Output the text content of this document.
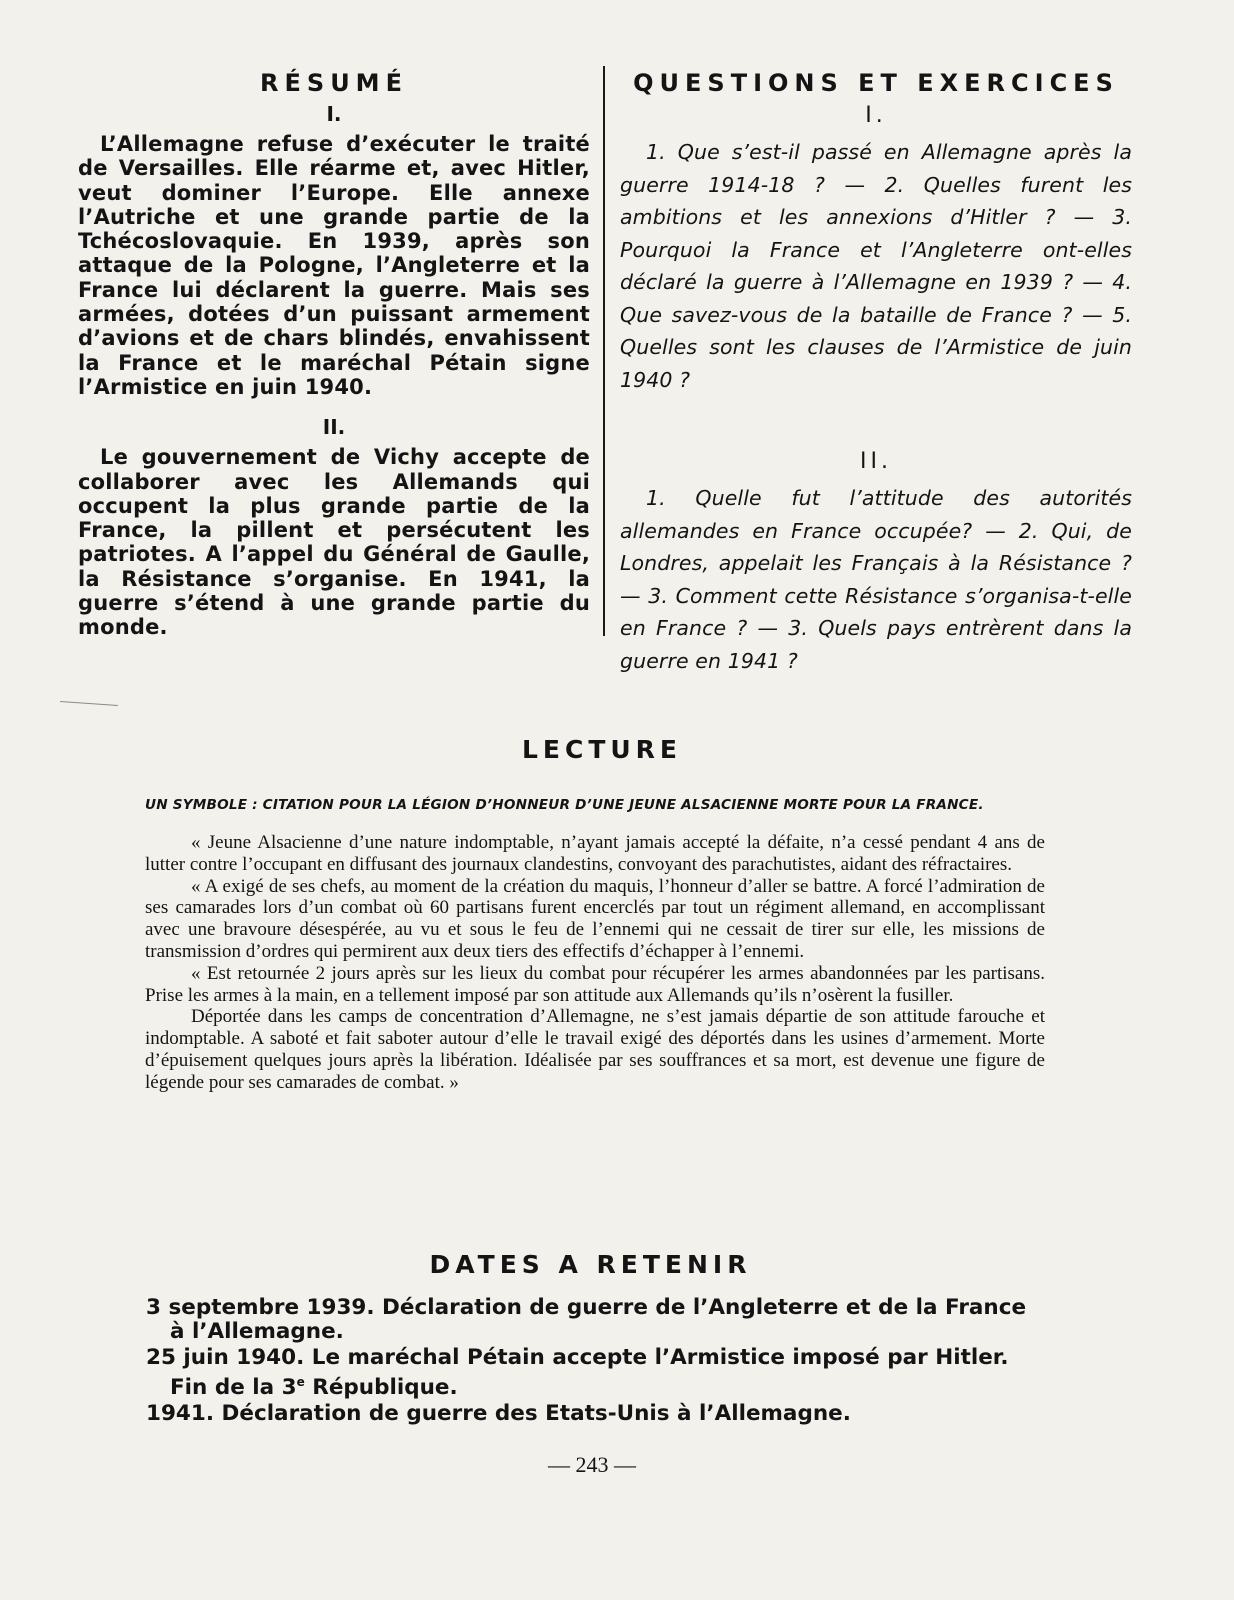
RÉSUMÉ
I.

L’Allemagne refuse d’exécuter le traité de Versailles. Elle réarme et, avec Hitler, veut dominer l’Europe. Elle annexe l’Autriche et une grande partie de la Tchécoslovaquie. En 1939, après son attaque de la Pologne, l’Angleterre et la France lui déclarent la guerre. Mais ses armées, dotées d’un puissant armement d’avions et de chars blindés, envahissent la France et le maréchal Pétain signe l’Armistice en juin 1940.

II.

Le gouvernement de Vichy accepte de collaborer avec les Allemands qui occupent la plus grande partie de la France, la pillent et persécutent les patriotes. A l’appel du Général de Gaulle, la Résistance s’organise. En 1941, la guerre s’étend à une grande partie du monde.

QUESTIONS ET EXERCICES
I.

1. Que s’est-il passé en Allemagne après la guerre 1914-18 ? — 2. Quelles furent les ambitions et les annexions d’Hitler ? — 3. Pourquoi la France et l’Angleterre ont-elles déclaré la guerre à l’Allemagne en 1939 ? — 4. Que savez-vous de la bataille de France ? — 5. Quelles sont les clauses de l’Armistice de juin 1940 ?

II.

1. Quelle fut l’attitude des autorités allemandes en France occupée? — 2. Qui, de Londres, appelait les Français à la Résistance ? — 3. Comment cette Résistance s’organisa-t-elle en France ? — 3. Quels pays entrèrent dans la guerre en 1941 ?

LECTURE
UN SYMBOLE : CITATION POUR LA LÉGION D’HONNEUR D’UNE JEUNE ALSACIENNE MORTE POUR LA FRANCE.

« Jeune Alsacienne d’une nature indomptable, n’ayant jamais accepté la défaite, n’a cessé pendant 4 ans de lutter contre l’occupant en diffusant des journaux clandestins, convoyant des parachutistes, aidant des réfractaires.

« A exigé de ses chefs, au moment de la création du maquis, l’honneur d’aller se battre. A forcé l’admiration de ses camarades lors d’un combat où 60 partisans furent encerclés par tout un régiment allemand, en accomplissant avec une bravoure désespérée, au vu et sous le feu de l’ennemi qui ne cessait de tirer sur elle, les missions de transmission d’ordres qui permirent aux deux tiers des effectifs d’échapper à l’ennemi.

« Est retournée 2 jours après sur les lieux du combat pour récupérer les armes abandonnées par les partisans. Prise les armes à la main, en a tellement imposé par son attitude aux Allemands qu’ils n’osèrent la fusiller.

Déportée dans les camps de concentration d’Allemagne, ne s’est jamais départie de son attitude farouche et indomptable. A saboté et fait saboter autour d’elle le travail exigé des déportés dans les usines d’armement. Morte d’épuisement quelques jours après la libération. Idéalisée par ses souffrances et sa mort, est devenue une figure de légende pour ses camarades de combat. »

DATES A RETENIR

3 septembre 1939. Déclaration de guerre de l’Angleterre et de la France à l’Allemagne.

25 juin 1940. Le maréchal Pétain accepte l’Armistice imposé par Hitler. Fin de la 3e République.

1941. Déclaration de guerre des Etats-Unis à l’Allemagne.

— 243 —
